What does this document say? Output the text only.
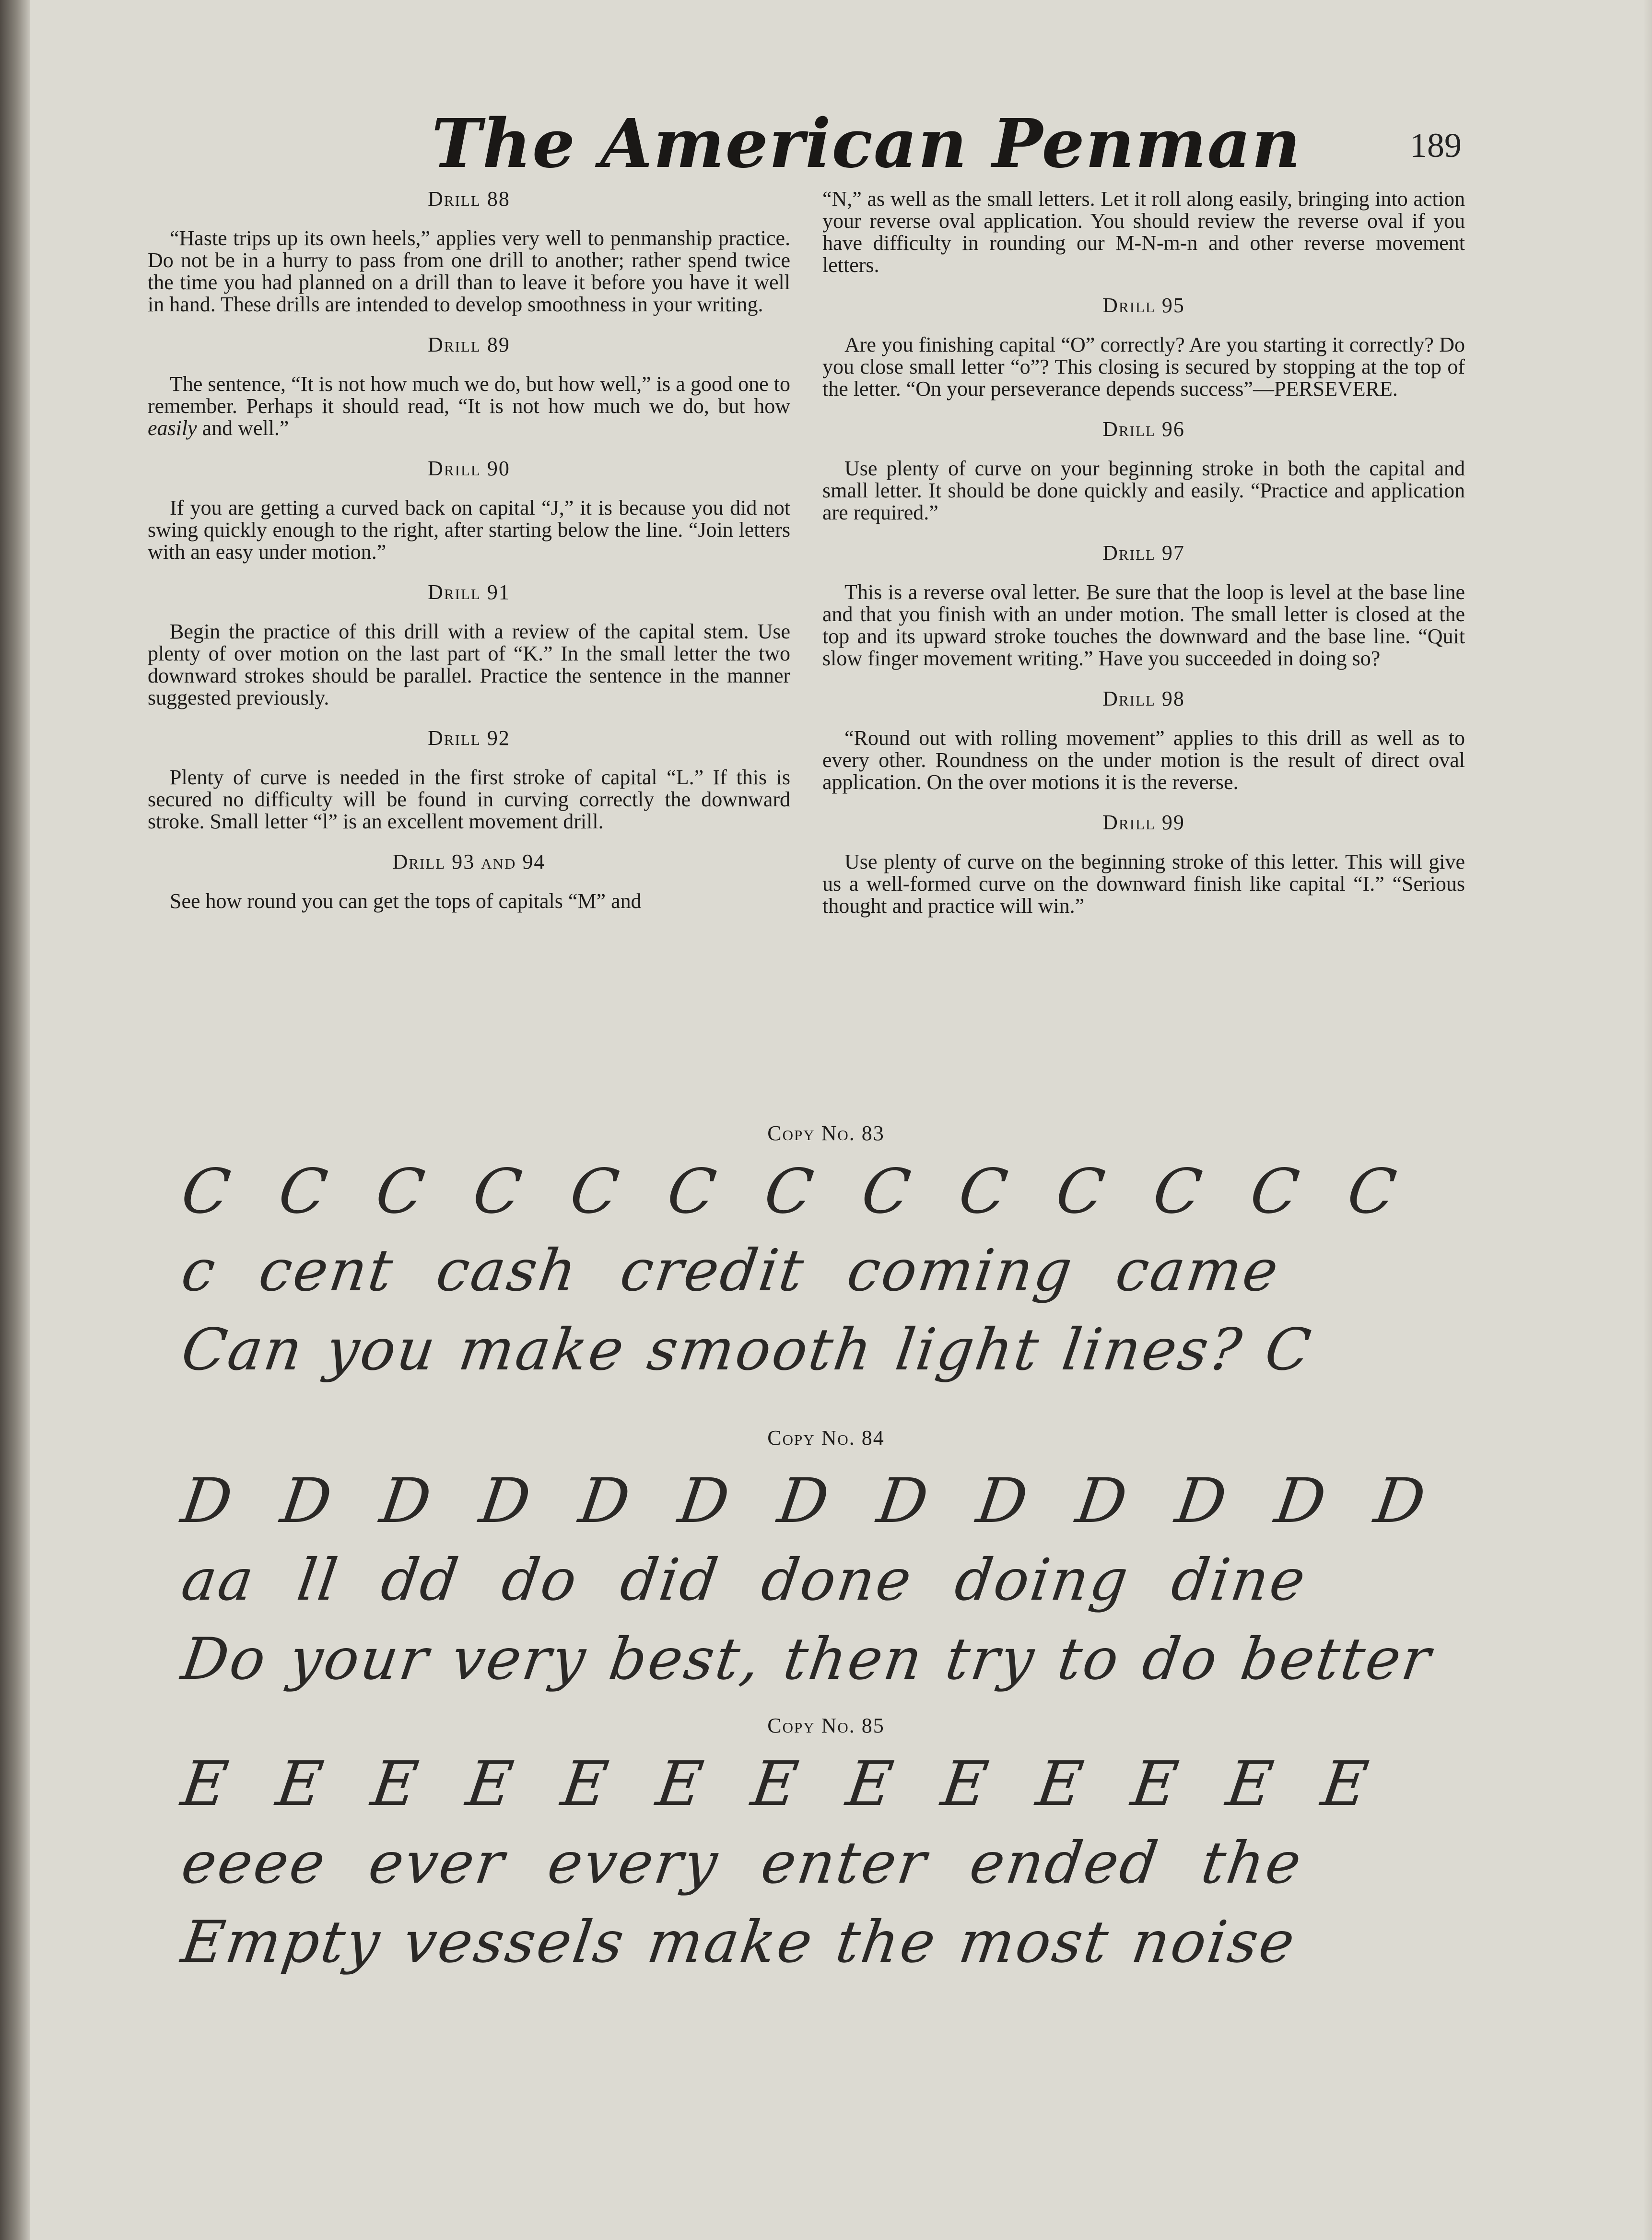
The American Penman	189
Drill 88

“Haste trips up its own heels,” applies very well to penmanship practice. Do not be in a hurry to pass from one drill to another; rather spend twice the time you had planned on a drill than to leave it before you have it well in hand. These drills are intended to develop smoothness in your writing.

Drill 89

The sentence, “It is not how much we do, but how well,” is a good one to remember. Perhaps it should read, “It is not how much we do, but how easily and well.”

Drill 90

If you are getting a curved back on capital “J,” it is because you did not swing quickly enough to the right, after starting below the line. “Join letters with an easy under motion.”

Drill 91

Begin the practice of this drill with a review of the capital stem. Use plenty of over motion on the last part of “K.” In the small letter the two downward strokes should be parallel. Practice the sentence in the manner suggested previously.

Drill 92

Plenty of curve is needed in the first stroke of capital “L.” If this is secured no difficulty will be found in curving correctly the downward stroke. Small letter “l” is an excellent movement drill.

Drill 93 and 94

See how round you can get the tops of capitals “M” and

“N,” as well as the small letters. Let it roll along easily, bringing into action your reverse oval application. You should review the reverse oval if you have difficulty in rounding our M-N-m-n and other reverse movement letters.

Drill 95

Are you finishing capital “O” correctly? Are you starting it correctly? Do you close small letter “o”? This closing is secured by stopping at the top of the letter. “On your perseverance depends success”—PERSEVERE.

Drill 96

Use plenty of curve on your beginning stroke in both the capital and small letter. It should be done quickly and easily. “Practice and application are required.”

Drill 97

This is a reverse oval letter. Be sure that the loop is level at the base line and that you finish with an under motion. The small letter is closed at the top and its upward stroke touches the downward and the base line. “Quit slow finger movement writing.” Have you succeeded in doing so?

Drill 98

“Round out with rolling movement” applies to this drill as well as to every other. Roundness on the under motion is the result of direct oval application. On the over motions it is the reverse.

Drill 99

Use plenty of curve on the beginning stroke of this letter. This will give us a well-formed curve on the downward finish like capital “I.” “Serious thought and practice will win.”

Copy No. 83
C C C C C C C C C C C C C
c cent cash credit coming came
Can you make smooth light lines? C
Copy No. 84
D D D D D D D D D D D D D
aa ll dd do did done doing dine
Do your very best, then try to do better
Copy No. 85
E E E E E E E E E E E E E
eeee ever every enter ended the
Empty vessels make the most noise
